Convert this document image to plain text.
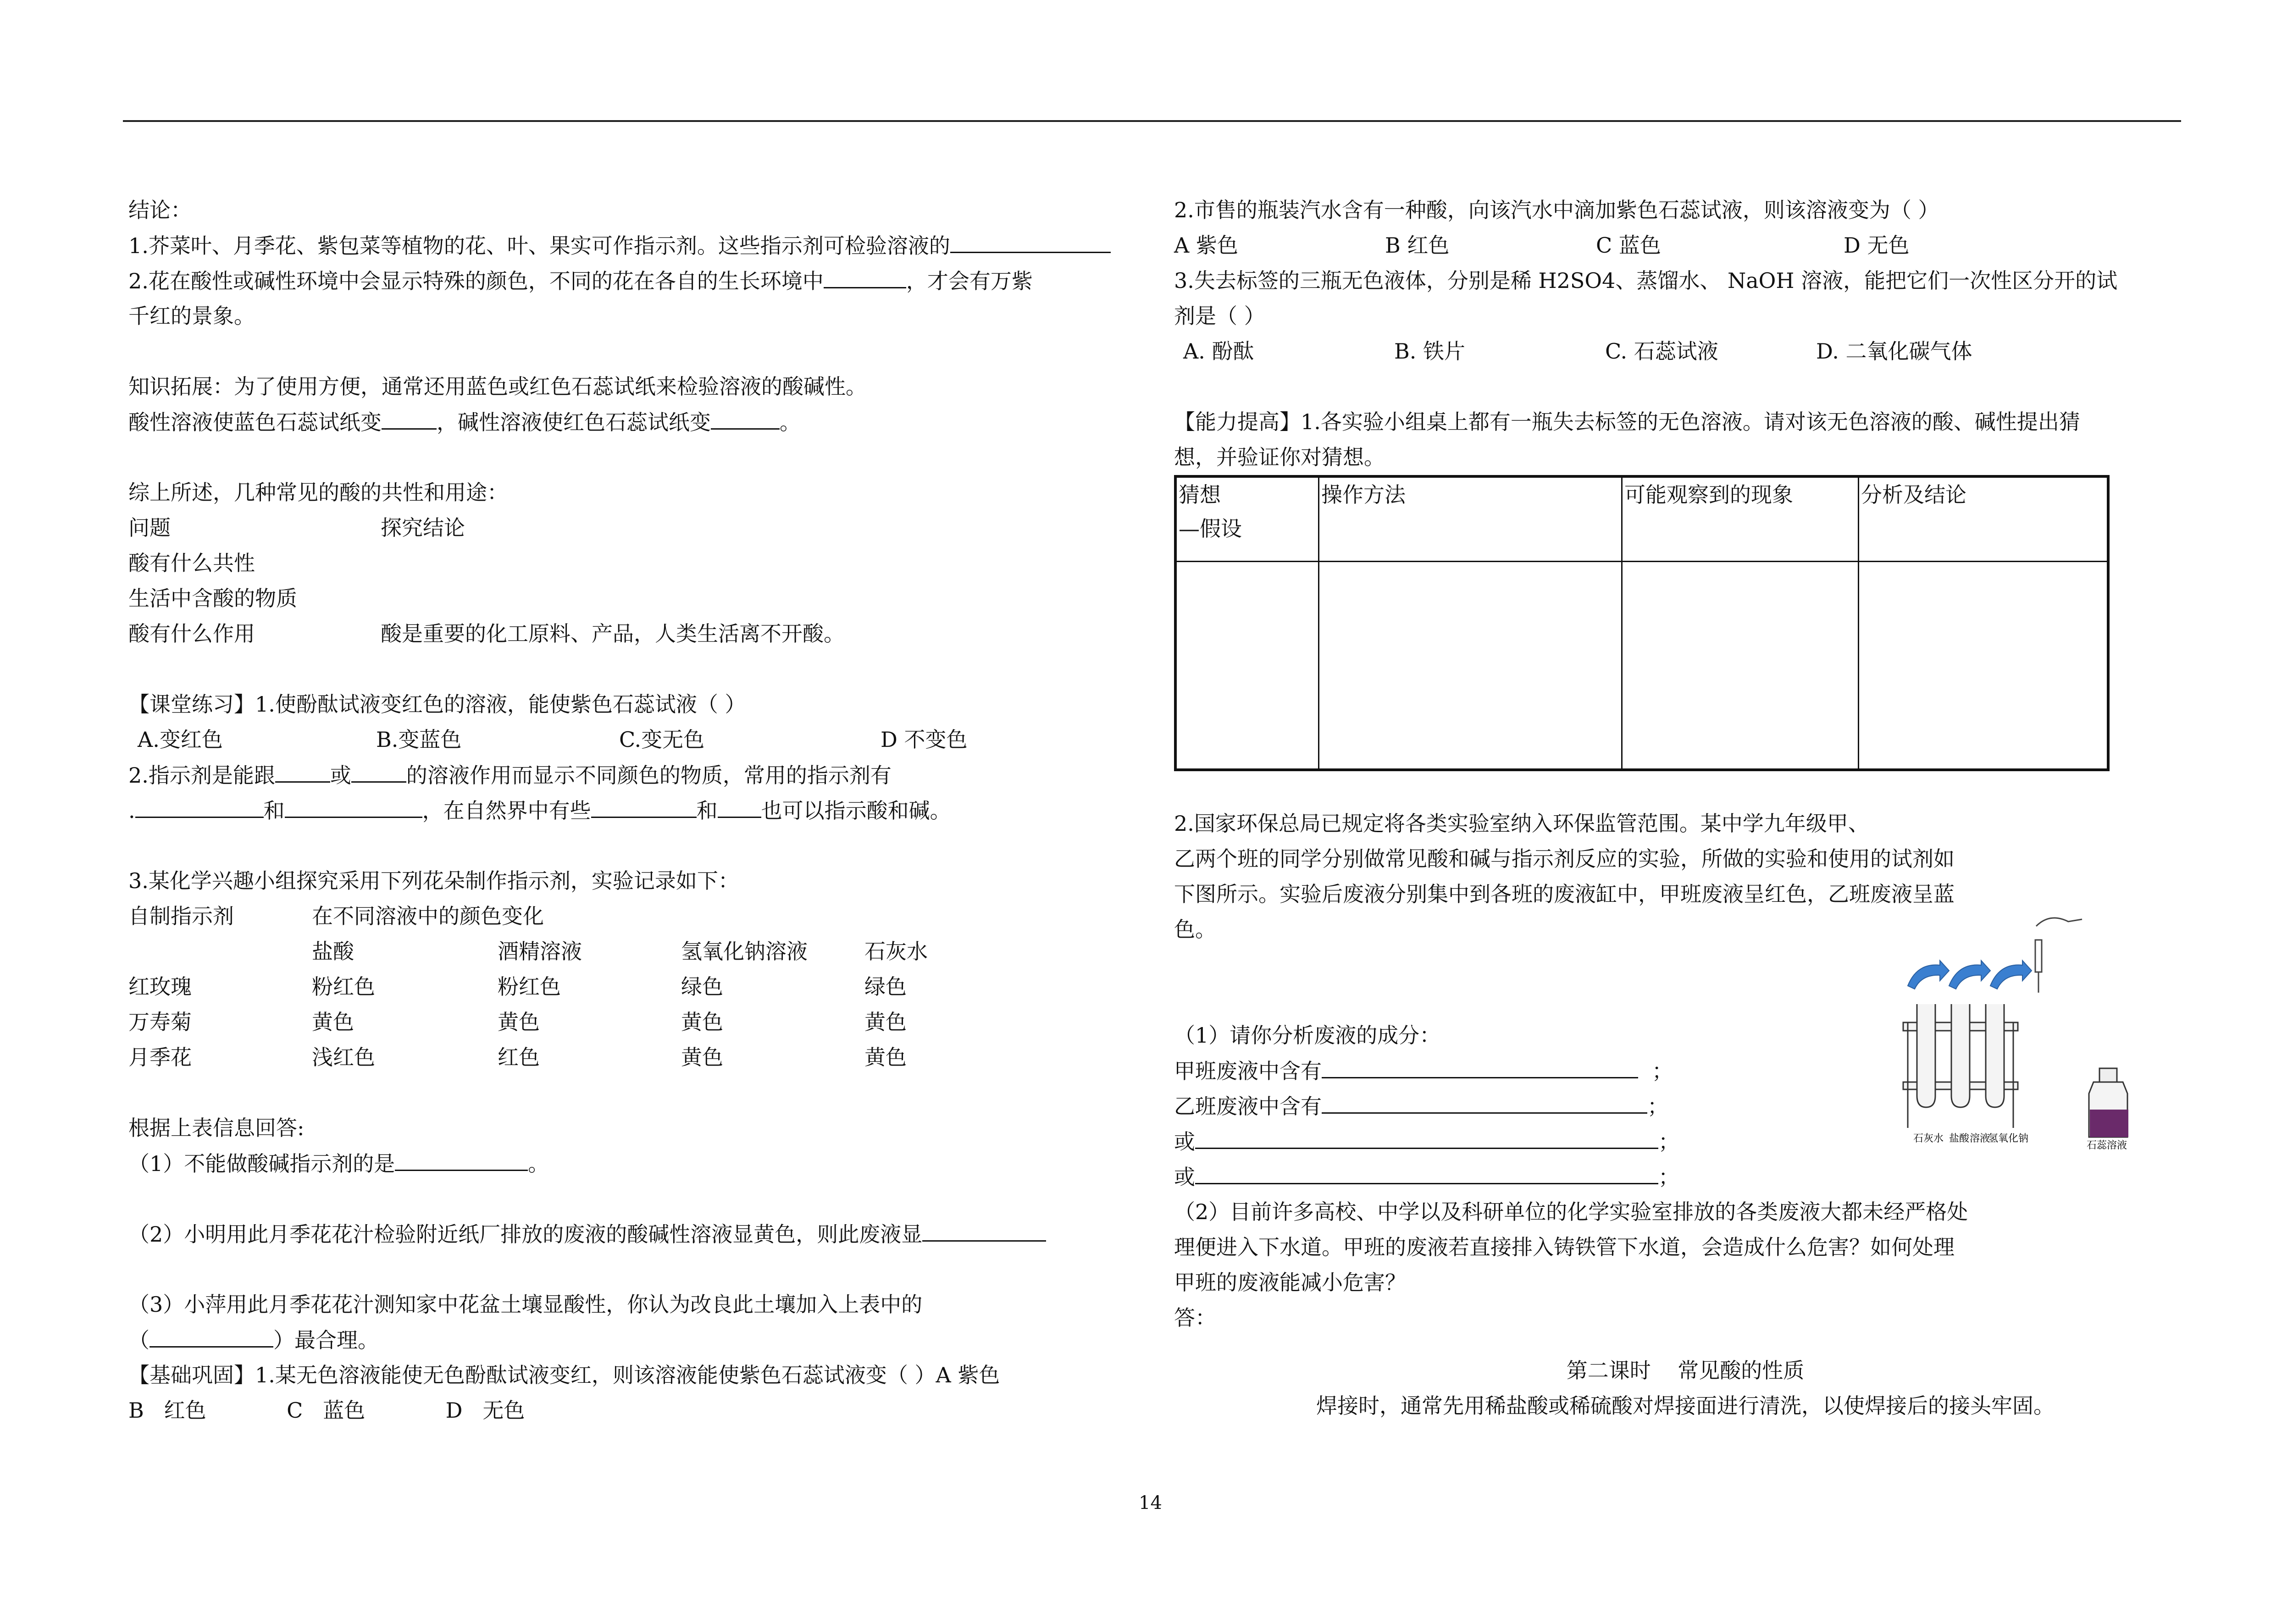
结论：
1.芥菜叶、月季花、紫包菜等植物的花、叶、果实可作指示剂。这些指示剂可检验溶液的
2.花在酸性或碱性环境中会显示特殊的颜色，不同的花在各自的生长环境中	，才会有万紫
千红的景象。
知识拓展：为了使用方便，通常还用蓝色或红色石蕊试纸来检验溶液的酸碱性。
酸性溶液使蓝色石蕊试纸变	，碱性溶液使红色石蕊试纸变	。
综上所述，几种常见的酸的共性和用途：
问题	探究结论
酸有什么共性
生活中含酸的物质
酸有什么作用	酸是重要的化工原料、产品，人类生活离不开酸。
【课堂练习】1.使酚酞试液变红色的溶液，能使紫色石蕊试液（ ）
A.变红色	B.变蓝色	C.变无色	D 不变色
2.指示剂是能跟	或	的溶液作用而显示不同颜色的物质，常用的指示剂有
.	和	，在自然界中有些	和 也可以指示酸和碱。
3.某化学兴趣小组探究采用下列花朵制作指示剂，实验记录如下：
自制指示剂	在不同溶液中的颜色变化			
	盐酸	酒精溶液	氢氧化钠溶液	石灰水
红玫瑰	粉红色	粉红色	绿色	绿色
万寿菊	黄色	黄色	黄色	黄色
月季花	浅红色	红色	黄色	黄色
根据上表信息回答:
（1）不能做酸碱指示剂的是	。
（2）小明用此月季花花汁检验附近纸厂排放的废液的酸碱性溶液显黄色，则此废液显
（3）小萍用此月季花花汁测知家中花盆土壤显酸性，你认为改良此土壤加入上表中的
（	）最合理。
【基础巩固】1.某无色溶液能使无色酚酞试液变红，则该溶液能使紫色石蕊试液变（ ）A 紫色
B   红色            C   蓝色            D   无色
2.市售的瓶装汽水含有一种酸，向该汽水中滴加紫色石蕊试液，则该溶液变为（ ）
A 紫色	B 红色	C 蓝色	D 无色
3.失去标签的三瓶无色液体，分别是稀 H2SO4、蒸馏水、 NaOH 溶液，能把它们一次性区分开的试
剂是（ ）
A. 酚酞	B. 铁片	C. 石蕊试液	D. 二氧化碳气体
【能力提高】1.各实验小组桌上都有一瓶失去标签的无色溶液。请对该无色溶液的酸、碱性提出猜
想，并验证你对猜想。
猜想
—假设	操作方法	可能观察到的现象	分析及结论

2.国家环保总局已规定将各类实验室纳入环保监管范围。某中学九年级甲、
乙两个班的同学分别做常见酸和碱与指示剂反应的实验，所做的实验和使用的试剂如
下图所示。实验后废液分别集中到各班的废液缸中，甲班废液呈红色，乙班废液呈蓝
色。
（1）请你分析废液的成分：
甲班废液中含有	；
乙班废液中含有	；
或	；
或	；
（2）目前许多高校、中学以及科研单位的化学实验室排放的各类废液大都未经严格处
理便进入下水道。甲班的废液若直接排入铸铁管下水道，会造成什么危害？如何处理
甲班的废液能减小危害？
答：
第二课时    常见酸的性质
焊接时，通常先用稀盐酸或稀硫酸对焊接面进行清洗，以使焊接后的接头牢固。
石灰水 盐酸 溶液
氢氧化钠
石蕊溶液
14
